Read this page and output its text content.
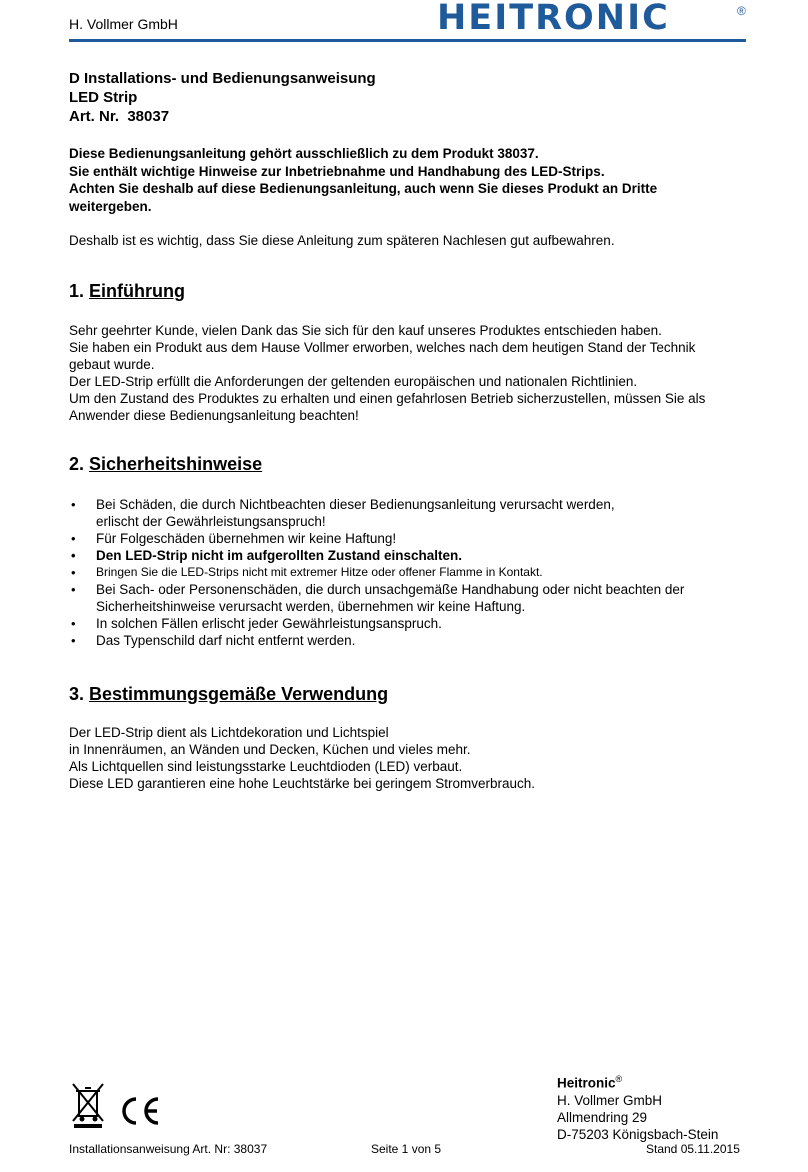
H. Vollmer GmbH	HEITRONIC	®
D Installations- und Bedienungsanweisung
LED Strip
Art. Nr.  38037
Diese Bedienungsanleitung gehört ausschließlich zu dem Produkt 38037.
Sie enthält wichtige Hinweise zur Inbetriebnahme und Handhabung des LED-Strips.
Achten Sie deshalb auf diese Bedienungsanleitung, auch wenn Sie dieses Produkt an Dritte weitergeben.
Deshalb ist es wichtig, dass Sie diese Anleitung zum späteren Nachlesen gut aufbewahren.
1. Einführung
Sehr geehrter Kunde, vielen Dank das Sie sich für den kauf unseres Produktes entschieden haben.
Sie haben ein Produkt aus dem Hause Vollmer erworben, welches nach dem heutigen Stand der Technik gebaut wurde.
Der LED-Strip erfüllt die Anforderungen der geltenden europäischen und nationalen Richtlinien.
Um den Zustand des Produktes zu erhalten und einen gefahrlosen Betrieb sicherzustellen, müssen Sie als Anwender diese Bedienungsanleitung beachten!
2. Sicherheitshinweise
• Bei Schäden, die durch Nichtbeachten dieser Bedienungsanleitung verursacht werden, erlischt der Gewährleistungsanspruch!
• Für Folgeschäden übernehmen wir keine Haftung!
• Den LED-Strip nicht im aufgerollten Zustand einschalten.
• Bringen Sie die LED-Strips nicht mit extremer Hitze oder offener Flamme in Kontakt.
• Bei Sach- oder Personenschäden, die durch unsachgemäße Handhabung oder nicht beachten der Sicherheitshinweise verursacht werden, übernehmen wir keine Haftung.
• In solchen Fällen erlischt jeder Gewährleistungsanspruch.
• Das Typenschild darf nicht entfernt werden.
3. Bestimmungsgemäße Verwendung
Der LED-Strip dient als Lichtdekoration und Lichtspiel
in Innenräumen, an Wänden und Decken, Küchen und vieles mehr.
Als Lichtquellen sind leistungsstarke Leuchtdioden (LED) verbaut.
Diese LED garantieren eine hohe Leuchtstärke bei geringem Stromverbrauch.
Heitronic®
H. Vollmer GmbH
Allmendring 29
D-75203 Königsbach-Stein
Installationsanweisung Art. Nr: 38037	Seite 1 von 5	Stand 05.11.2015
